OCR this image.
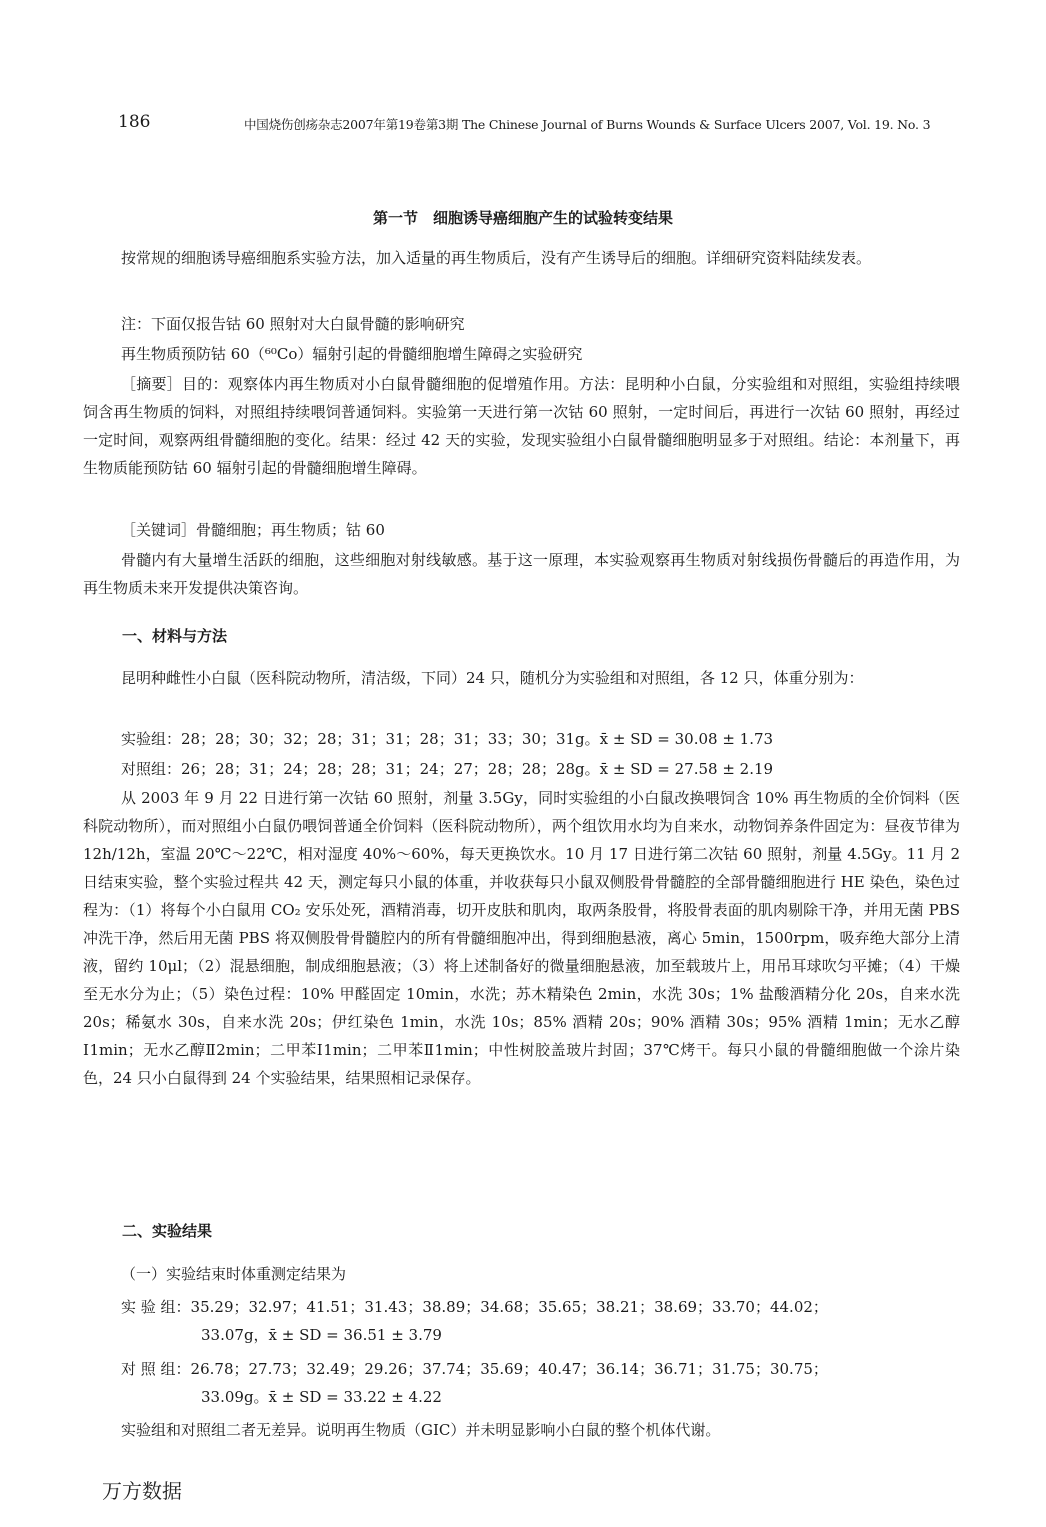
186	中国烧伤创疡杂志2007年第19卷第3期 The Chinese Journal of Burns Wounds & Surface Ulcers 2007, Vol. 19. No. 3
第一节　细胞诱导癌细胞产生的试验转变结果
按常规的细胞诱导癌细胞系实验方法，加入适量的再生物质后，没有产生诱导后的细胞。详细研究资料陆续发表。
注：下面仅报告钴 60 照射对大白鼠骨髓的影响研究
再生物质预防钴 60（⁶⁰Co）辐射引起的骨髓细胞增生障碍之实验研究
［摘要］目的：观察体内再生物质对小白鼠骨髓细胞的促增殖作用。方法：昆明种小白鼠，分实验组和对照组，实验组持续喂饲含再生物质的饲料，对照组持续喂饲普通饲料。实验第一天进行第一次钴 60 照射，一定时间后，再进行一次钴 60 照射，再经过一定时间，观察两组骨髓细胞的变化。结果：经过 42 天的实验，发现实验组小白鼠骨髓细胞明显多于对照组。结论：本剂量下，再生物质能预防钴 60 辐射引起的骨髓细胞增生障碍。
［关键词］骨髓细胞；再生物质；钴 60
骨髓内有大量增生活跃的细胞，这些细胞对射线敏感。基于这一原理，本实验观察再生物质对射线损伤骨髓后的再造作用，为再生物质未来开发提供决策咨询。
一、材料与方法
昆明种雌性小白鼠（医科院动物所，清洁级，下同）24 只，随机分为实验组和对照组，各 12 只，体重分别为：
实验组：28；28；30；32；28；31；31；28；31；33；30；31g。x̄ ± SD = 30.08 ± 1.73
对照组：26；28；31；24；28；28；31；24；27；28；28；28g。x̄ ± SD = 27.58 ± 2.19
从 2003 年 9 月 22 日进行第一次钴 60 照射，剂量 3.5Gy，同时实验组的小白鼠改换喂饲含 10% 再生物质的全价饲料（医科院动物所），而对照组小白鼠仍喂饲普通全价饲料（医科院动物所），两个组饮用水均为自来水，动物饲养条件固定为：昼夜节律为 12h/12h，室温 20℃～22℃，相对湿度 40%～60%，每天更换饮水。10 月 17 日进行第二次钴 60 照射，剂量 4.5Gy。11 月 2 日结束实验，整个实验过程共 42 天，测定每只小鼠的体重，并收获每只小鼠双侧股骨骨髓腔的全部骨髓细胞进行 HE 染色，染色过程为：（1）将每个小白鼠用 CO₂ 安乐处死，酒精消毒，切开皮肤和肌肉，取两条股骨，将股骨表面的肌肉剔除干净，并用无菌 PBS 冲洗干净，然后用无菌 PBS 将双侧股骨骨髓腔内的所有骨髓细胞冲出，得到细胞悬液，离心 5min，1500rpm，吸弃绝大部分上清液，留约 10μl；（2）混悬细胞，制成细胞悬液；（3）将上述制备好的微量细胞悬液，加至载玻片上，用吊耳球吹匀平摊；（4）干燥至无水分为止；（5）染色过程：10% 甲醛固定 10min，水洗；苏木精染色 2min，水洗 30s；1% 盐酸酒精分化 20s，自来水洗 20s；稀氨水 30s，自来水洗 20s；伊红染色 1min，水洗 10s；85% 酒精 20s；90% 酒精 30s；95% 酒精 1min；无水乙醇Ⅰ1min；无水乙醇Ⅱ2min；二甲苯Ⅰ1min；二甲苯Ⅱ1min；中性树胶盖玻片封固；37℃烤干。每只小鼠的骨髓细胞做一个涂片染色，24 只小白鼠得到 24 个实验结果，结果照相记录保存。
二、实验结果
（一）实验结束时体重测定结果为
实 验 组：35.29；32.97；41.51；31.43；38.89；34.68；35.65；38.21；38.69；33.70；44.02；
33.07g，x̄ ± SD = 36.51 ± 3.79
对 照 组：26.78；27.73；32.49；29.26；37.74；35.69；40.47；36.14；36.71；31.75；30.75；
33.09g。x̄ ± SD = 33.22 ± 4.22
实验组和对照组二者无差异。说明再生物质（GIC）并未明显影响小白鼠的整个机体代谢。
万方数据
